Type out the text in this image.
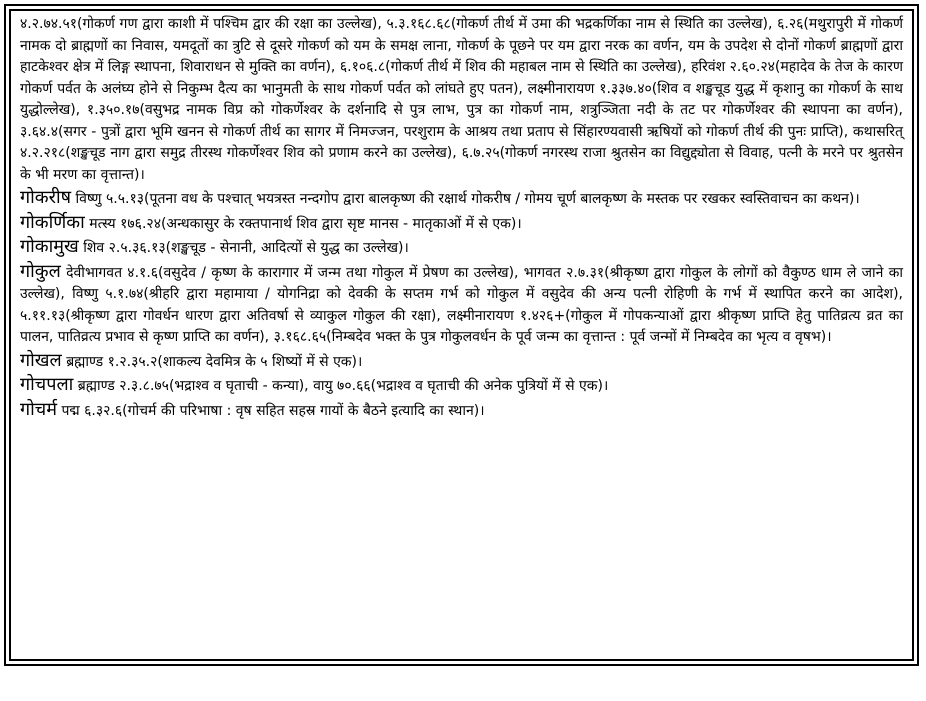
४.२.७४.५१(गोकर्ण गण द्वारा काशी में पश्चिम द्वार की रक्षा का उल्लेख), ५.३.१६८.६८(गोकर्ण तीर्थ में उमा की भद्रकर्णिका नाम से स्थिति का उल्लेख), ६.२६(मथुरापुरी में गोकर्ण नामक दो ब्राह्मणों का निवास, यमदूतों का त्रुटि से दूसरे गोकर्ण को यम के समक्ष लाना, गोकर्ण के पूछने पर यम द्वारा नरक का वर्णन, यम के उपदेश से दोनों गोकर्ण ब्राह्मणों द्वारा हाटकेश्वर क्षेत्र में लिङ्ग स्थापना, शिवाराधन से मुक्ति का वर्णन), ६.१०६.८(गोकर्ण तीर्थ में शिव की महाबल नाम से स्थिति का उल्लेख), हरिवंश २.६०.२४(महादेव के तेज के कारण गोकर्ण पर्वत के अलंघ्य होने से निकुम्भ दैत्य का भानुमती के साथ गोकर्ण पर्वत को लांघते हुए पतन), लक्ष्मीनारायण १.३३७.४०(शिव व शङ्खचूड युद्ध में कृशानु का गोकर्ण के साथ युद्धोल्लेख), १.३५०.१७(वसुभद्र नामक विप्र को गोकर्णेश्वर के दर्शनादि से पुत्र लाभ, पुत्र का गोकर्ण नाम, शत्रुञ्जिता नदी के तट पर गोकर्णेश्वर की स्थापना का वर्णन), ३.६४.४(सगर - पुत्रों द्वारा भूमि खनन से गोकर्ण तीर्थ का सागर में निमज्जन, परशुराम के आश्रय तथा प्रताप से सिंहारण्यवासी ऋषियों को गोकर्ण तीर्थ की पुनः प्राप्ति), कथासरित् ४.२.२१८(शङ्खचूड नाग द्वारा समुद्र तीरस्थ गोकर्णेश्वर शिव को प्रणाम करने का उल्लेख), ६.७.२५(गोकर्ण नगरस्थ राजा श्रुतसेन का विद्युद्द्योता से विवाह, पत्नी के मरने पर श्रुतसेन के भी मरण का वृत्तान्त)।

गोकरीष विष्णु ५.५.१३(पूतना वध के पश्चात् भयत्रस्त नन्दगोप द्वारा बालकृष्ण की रक्षार्थ गोकरीष / गोमय चूर्ण बालकृष्ण के मस्तक पर रखकर स्वस्तिवाचन का कथन)।

गोकर्णिका मत्स्य १७६.२४(अन्धकासुर के रक्तपानार्थ शिव द्वारा सृष्ट मानस - मातृकाओं में से एक)।

गोकामुख शिव २.५.३६.१३(शङ्खचूड - सेनानी, आदित्यों से युद्ध का उल्लेख)।

गोकुल देवीभागवत ४.१.६(वसुदेव / कृष्ण के कारागार में जन्म तथा गोकुल में प्रेषण का उल्लेख), भागवत २.७.३१(श्रीकृष्ण द्वारा गोकुल के लोगों को वैकुण्ठ धाम ले जाने का उल्लेख), विष्णु ५.१.७४(श्रीहरि द्वारा महामाया / योगनिद्रा को देवकी के सप्तम गर्भ को गोकुल में वसुदेव की अन्य पत्नी रोहिणी के गर्भ में स्थापित करने का आदेश), ५.११.१३(श्रीकृष्ण द्वारा गोवर्धन धारण द्वारा अतिवर्षा से व्याकुल गोकुल की रक्षा), लक्ष्मीनारायण १.४२६+(गोकुल में गोपकन्याओं द्वारा श्रीकृष्ण प्राप्ति हेतु पातिव्रत्य व्रत का पालन, पातिव्रत्य प्रभाव से कृष्ण प्राप्ति का वर्णन), ३.१६८.६५(निम्बदेव भक्त के पुत्र गोकुलवर्धन के पूर्व जन्म का वृत्तान्त : पूर्व जन्मों में निम्बदेव का भृत्य व वृषभ)।

गोखल ब्रह्माण्ड १.२.३५.२(शाकल्य देवमित्र के ५ शिष्यों में से एक)।

गोचपला ब्रह्माण्ड २.३.८.७५(भद्राश्व व घृताची - कन्या), वायु ७०.६६(भद्राश्व व घृताची की अनेक पुत्रियों में से एक)।

गोचर्म पद्म ६.३२.६(गोचर्म की परिभाषा : वृष सहित सहस्र गायों के बैठने इत्यादि का स्थान)।
